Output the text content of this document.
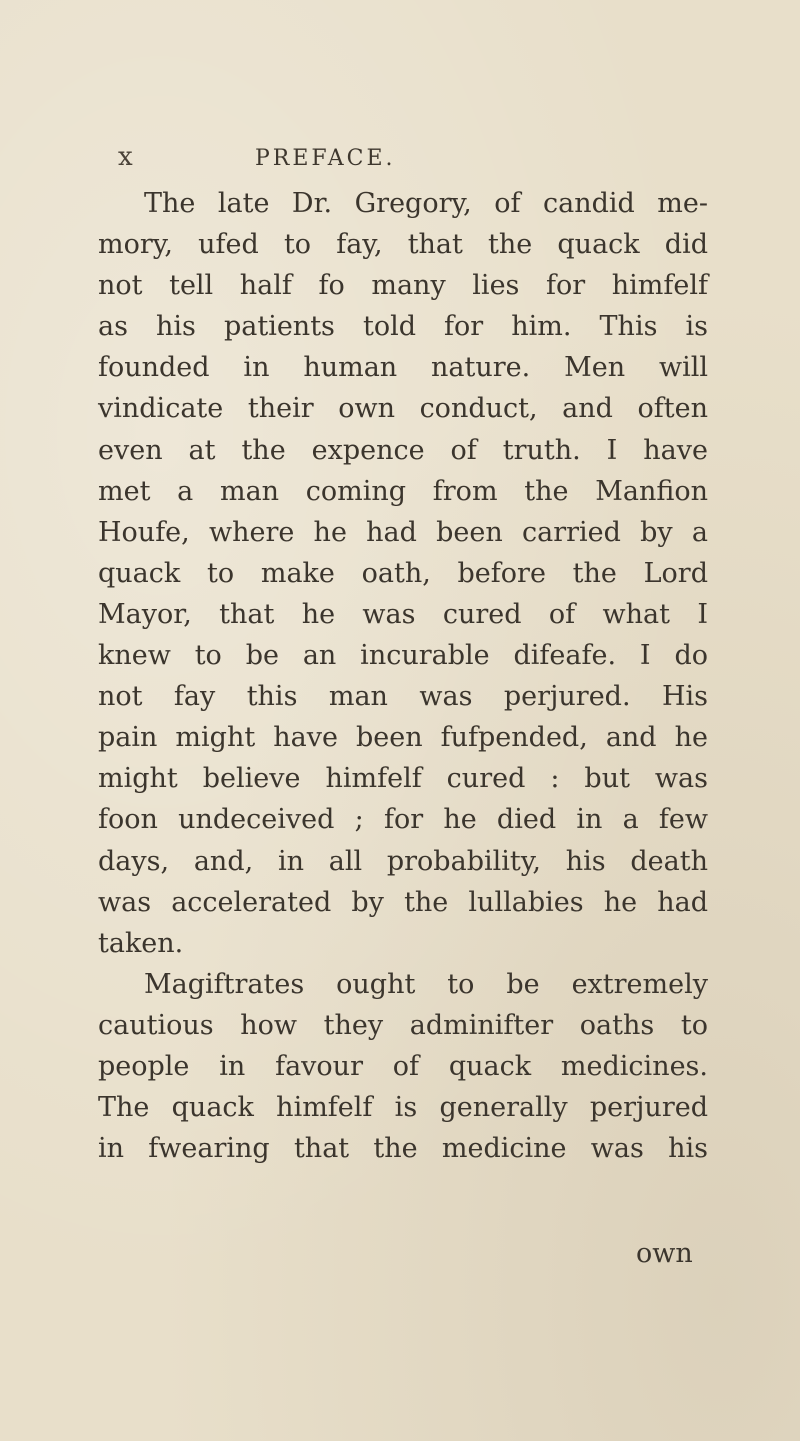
x	PREFACE.
The late Dr. Gregory, of candid me-
mory, ufed to fay, that the quack did
not tell half fo many lies for himfelf
as his patients told for him. This is
founded in human nature. Men will
vindicate their own conduct, and often
even at the expence of truth. I have
met a man coming from the Manfion
Houfe, where he had been carried by a
quack to make oath, before the Lord
Mayor, that he was cured of what I
knew to be an incurable difeafe. I do
not fay this man was perjured. His
pain might have been fufpended, and he
might believe himfelf cured : but was
foon undeceived ; for he died in a few
days, and, in all probability, his death
was accelerated by the lullabies he had
taken.
Magiftrates ought to be extremely
cautious how they adminifter oaths to
people in favour of quack medicines.
The quack himfelf is generally perjured
in fwearing that the medicine was his
own
